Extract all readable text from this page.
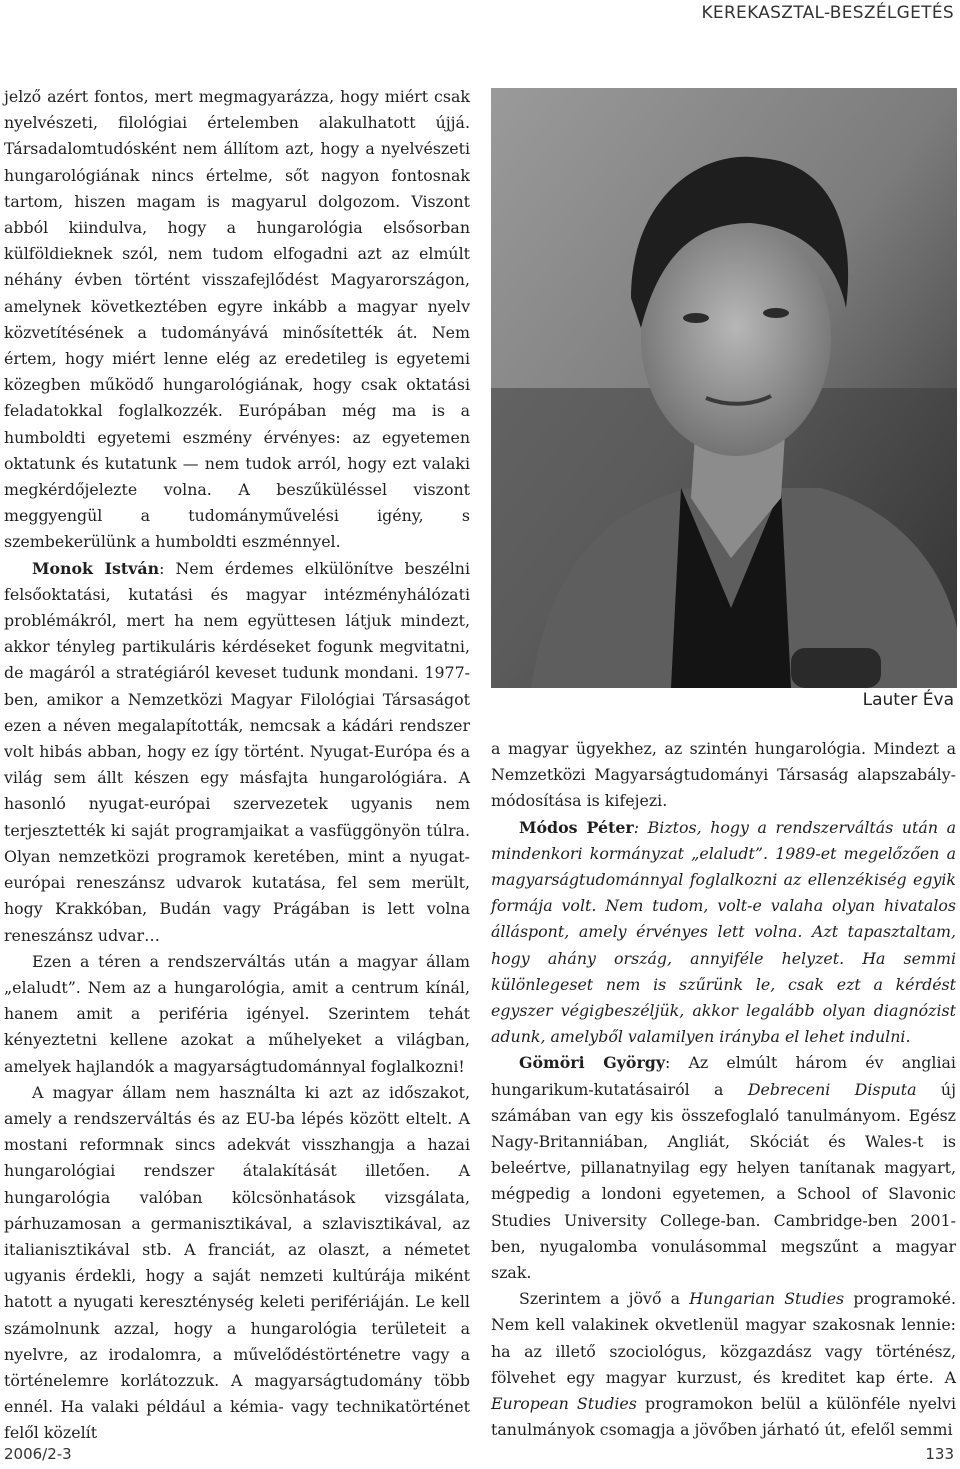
KEREKASZTAL-BESZÉLGETÉS

jelző azért fontos, mert megmagyarázza, hogy miért csak nyelvészeti, filológiai értelemben alakulhatott újjá. Társadalomtudósként nem állítom azt, hogy a nyelvészeti hungarológiának nincs értelme, sőt nagyon fontosnak tartom, hiszen magam is magyarul dolgozom. Viszont abból kiindulva, hogy a hungarológia elsősorban külföldieknek szól, nem tudom elfogadni azt az elmúlt néhány évben történt visszafejlődést Magyarországon, amelynek következtében egyre inkább a magyar nyelv közvetítésének a tudományává minősítették át. Nem értem, hogy miért lenne elég az eredetileg is egyetemi közegben működő hungarológiának, hogy csak oktatási feladatokkal foglalkozzék. Európában még ma is a humboldti egyetemi eszmény érvényes: az egyetemen oktatunk és kutatunk — nem tudok arról, hogy ezt valaki megkérdőjelezte volna. A beszűküléssel viszont meggyengül a tudományművelési igény, s szembekerülünk a humboldti eszménnyel.

Monok István: Nem érdemes elkülönítve beszélni felsőoktatási, kutatási és magyar intézményhálózati problémákról, mert ha nem együttesen látjuk mindezt, akkor tényleg partikuláris kérdéseket fogunk megvitatni, de magáról a stratégiáról keveset tudunk mondani. 1977-ben, amikor a Nemzetközi Magyar Filológiai Társaságot ezen a néven megalapították, nemcsak a kádári rendszer volt hibás abban, hogy ez így történt. Nyugat-Európa és a világ sem állt készen egy másfajta hungarológiára. A hasonló nyugat-európai szervezetek ugyanis nem terjesztették ki saját programjaikat a vasfüggönyön túlra. Olyan nemzetközi programok keretében, mint a nyugat-európai reneszánsz udvarok kutatása, fel sem merült, hogy Krakkóban, Budán vagy Prágában is lett volna reneszánsz udvar…

Ezen a téren a rendszerváltás után a magyar állam „elaludt”. Nem az a hungarológia, amit a centrum kínál, hanem amit a periféria igényel. Szerintem tehát kényeztetni kellene azokat a műhelyeket a világban, amelyek hajlandók a magyarságtudománnyal foglalkozni!

A magyar állam nem használta ki azt az időszakot, amely a rendszerváltás és az EU-ba lépés között eltelt. A mostani reformnak sincs adekvát visszhangja a hazai hungarológiai rendszer átalakítását illetően. A hungarológia valóban kölcsönhatások vizsgálata, párhuzamosan a germanisztikával, a szlavisztikával, az italianisztikával stb. A franciát, az olaszt, a németet ugyanis érdekli, hogy a saját nemzeti kultúrája miként hatott a nyugati kereszténység keleti perifériáján. Le kell számolnunk azzal, hogy a hungarológia területeit a nyelvre, az irodalomra, a művelődéstörténetre vagy a történelemre korlátozzuk. A magyarságtudomány több ennél. Ha valaki például a kémia- vagy technikatörténet felől közelít

Lauter Éva

a magyar ügyekhez, az szintén hungarológia. Mindezt a Nemzetközi Magyarságtudományi Társaság alapszabály-módosítása is kifejezi.

Módos Péter: Biztos, hogy a rendszerváltás után a mindenkori kormányzat „elaludt”. 1989-et megelőzően a magyarságtudománnyal foglalkozni az ellenzékiség egyik formája volt. Nem tudom, volt-e valaha olyan hivatalos álláspont, amely érvényes lett volna. Azt tapasztaltam, hogy ahány ország, annyiféle helyzet. Ha semmi különlegeset nem is szűrünk le, csak ezt a kérdést egyszer végigbeszéljük, akkor legalább olyan diagnózist adunk, amelyből valamilyen irányba el lehet indulni.

Gömöri György: Az elmúlt három év angliai hungarikum-kutatásairól a Debreceni Disputa új számában van egy kis összefoglaló tanulmányom. Egész Nagy-Britanniában, Angliát, Skóciát és Wales-t is beleértve, pillanatnyilag egy helyen tanítanak magyart, mégpedig a londoni egyetemen, a School of Slavonic Studies University College-ban. Cambridge-ben 2001-ben, nyugalomba vonulásommal megszűnt a magyar szak.

Szerintem a jövő a Hungarian Studies programoké. Nem kell valakinek okvetlenül magyar szakosnak lennie: ha az illető szociológus, közgazdász vagy történész, fölvehet egy magyar kurzust, és kreditet kap érte. A European Studies programokon belül a különféle nyelvi tanulmányok csomagja a jövőben járható út, efelől semmi

2006/2-3	133
